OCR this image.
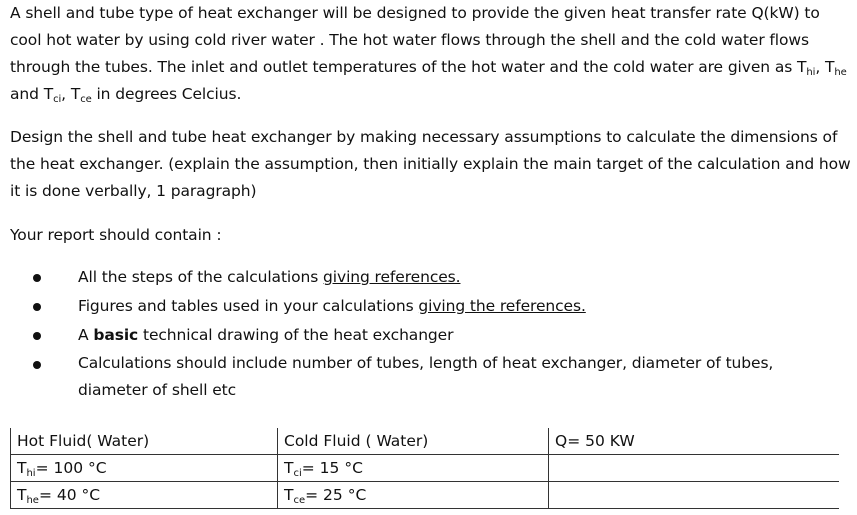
A shell and tube type of heat exchanger will be designed to provide the given heat transfer rate Q(kW) to cool hot water by using cold river water . The hot water flows through the shell and the cold water flows through the tubes. The inlet and outlet temperatures of the hot water and the cold water are given as $T_{hi}$, $T_{he}$ and $T_{ci}$, $T_{ce}$ in degrees Celcius.

Design the shell and tube heat exchanger by making necessary assumptions to calculate the dimensions of the heat exchanger. (explain the assumption, then initially explain the main target of the calculation and how it is done verbally, 1 paragraph)

Your report should contain :

All the steps of the calculations giving references.
Figures and tables used in your calculations giving the references.
A basic technical drawing of the heat exchanger
Calculations should include number of tubes, length of heat exchanger, diameter of tubes, diameter of shell etc
Hot Fluid( Water)	Cold Fluid ( Water)	Q= 50 KW
$T_{hi}= 100$ °C	$T_{ci}= 15$ °C	
$T_{he}= 40$ °C	$T_{ce}= 25$ °C	
